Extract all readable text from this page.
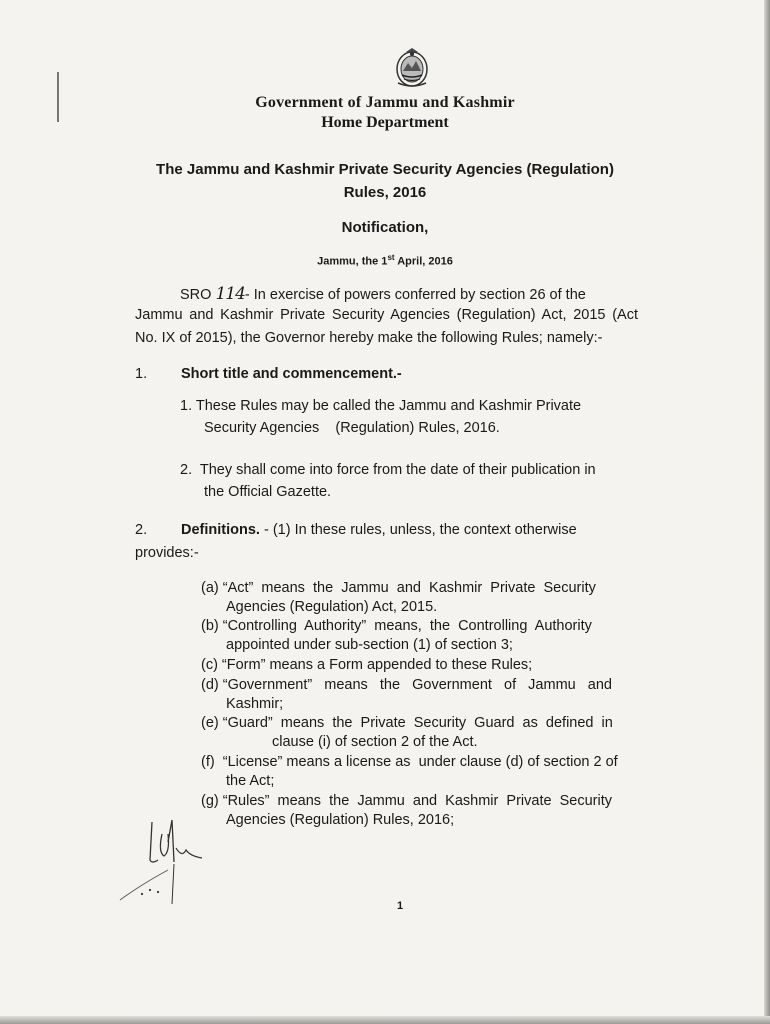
Government of Jammu and Kashmir
Home Department
The Jammu and Kashmir Private Security Agencies (Regulation)
Rules, 2016
Notification,
Jammu, the 1st April, 2016
SRO 114- In exercise of powers conferred by section 26 of the
Jammu and Kashmir Private Security Agencies (Regulation) Act, 2015 (Act
No. IX of 2015), the Governor hereby make the following Rules; namely:-
1. Short title and commencement.-
1. These Rules may be called the Jammu and Kashmir Private
Security Agencies    (Regulation) Rules, 2016.
2.  They shall come into force from the date of their publication in
the Official Gazette.
2. Definitions. - (1) In these rules, unless, the context otherwise
provides:-
(a) “Act”  means  the  Jammu  and  Kashmir  Private  Security
Agencies (Regulation) Act, 2015.
(b) “Controlling  Authority”  means,  the  Controlling  Authority
appointed under sub-section (1) of section 3;
(c) “Form” means a Form appended to these Rules;
(d) “Government”   means   the   Government   of   Jammu   and
Kashmir;
(e) “Guard”  means  the  Private  Security  Guard  as  defined  in
clause (i) of section 2 of the Act.
(f)  “License” means a license as  under clause (d) of section 2 of
the Act;
(g) “Rules”  means  the  Jammu  and  Kashmir  Private  Security
Agencies (Regulation) Rules, 2016;
1
